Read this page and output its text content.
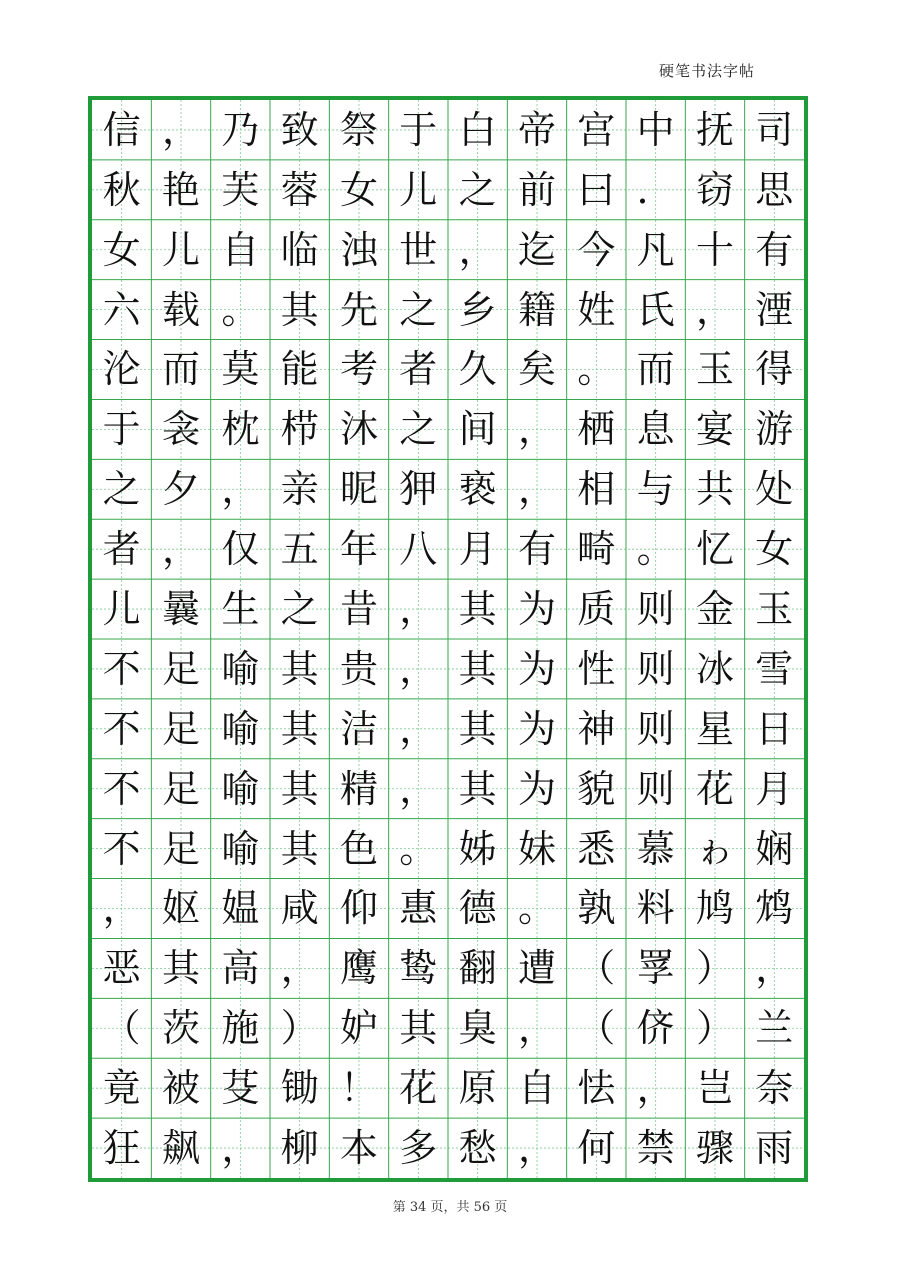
硬笔书法字帖
信 ， 乃 致 祭 于 白 帝 宫 中 抚 司
秋 艳 芙 蓉 女 儿 之 前 曰 ． 窃 思
女 儿 自 临 浊 世 ， 迄 今 凡 十 有
六 载 。 其 先 之 乡 籍 姓 氏 ， 湮
沦 而 莫 能 考 者 久 矣 。 而 玉 得
于 衾 枕 栉 沐 之 间 ， 栖 息 宴 游
之 夕 ， 亲 昵 狎 亵 ， 相 与 共 处
者 ， 仅 五 年 八 月 有 畸 。 忆 女
儿 曩 生 之 昔 ， 其 为 质 则 金 玉
不 足 喻 其 贵 ， 其 为 性 则 冰 雪
不 足 喻 其 洁 ， 其 为 神 则 星 日
不 足 喻 其 精 ， 其 为 貌 则 花 月
不 足 喻 其 色 。 姊 妹 悉 慕 ゎ 娴
， 妪 媪 咸 仰 惠 德 。 孰 料 鸠 鸩
恶 其 高 ， 鹰 鸷 翻 遭 （ 罦 ） ，
（ 茨 施 ） 妒 其 臭 ， （ 侪 ） 兰
竟 被 芟 锄 ！ 花 原 自 怯 ， 岂 奈
狂 飙 ， 柳 本 多 愁 ， 何 禁 骤 雨
第 34 页，共 56 页
